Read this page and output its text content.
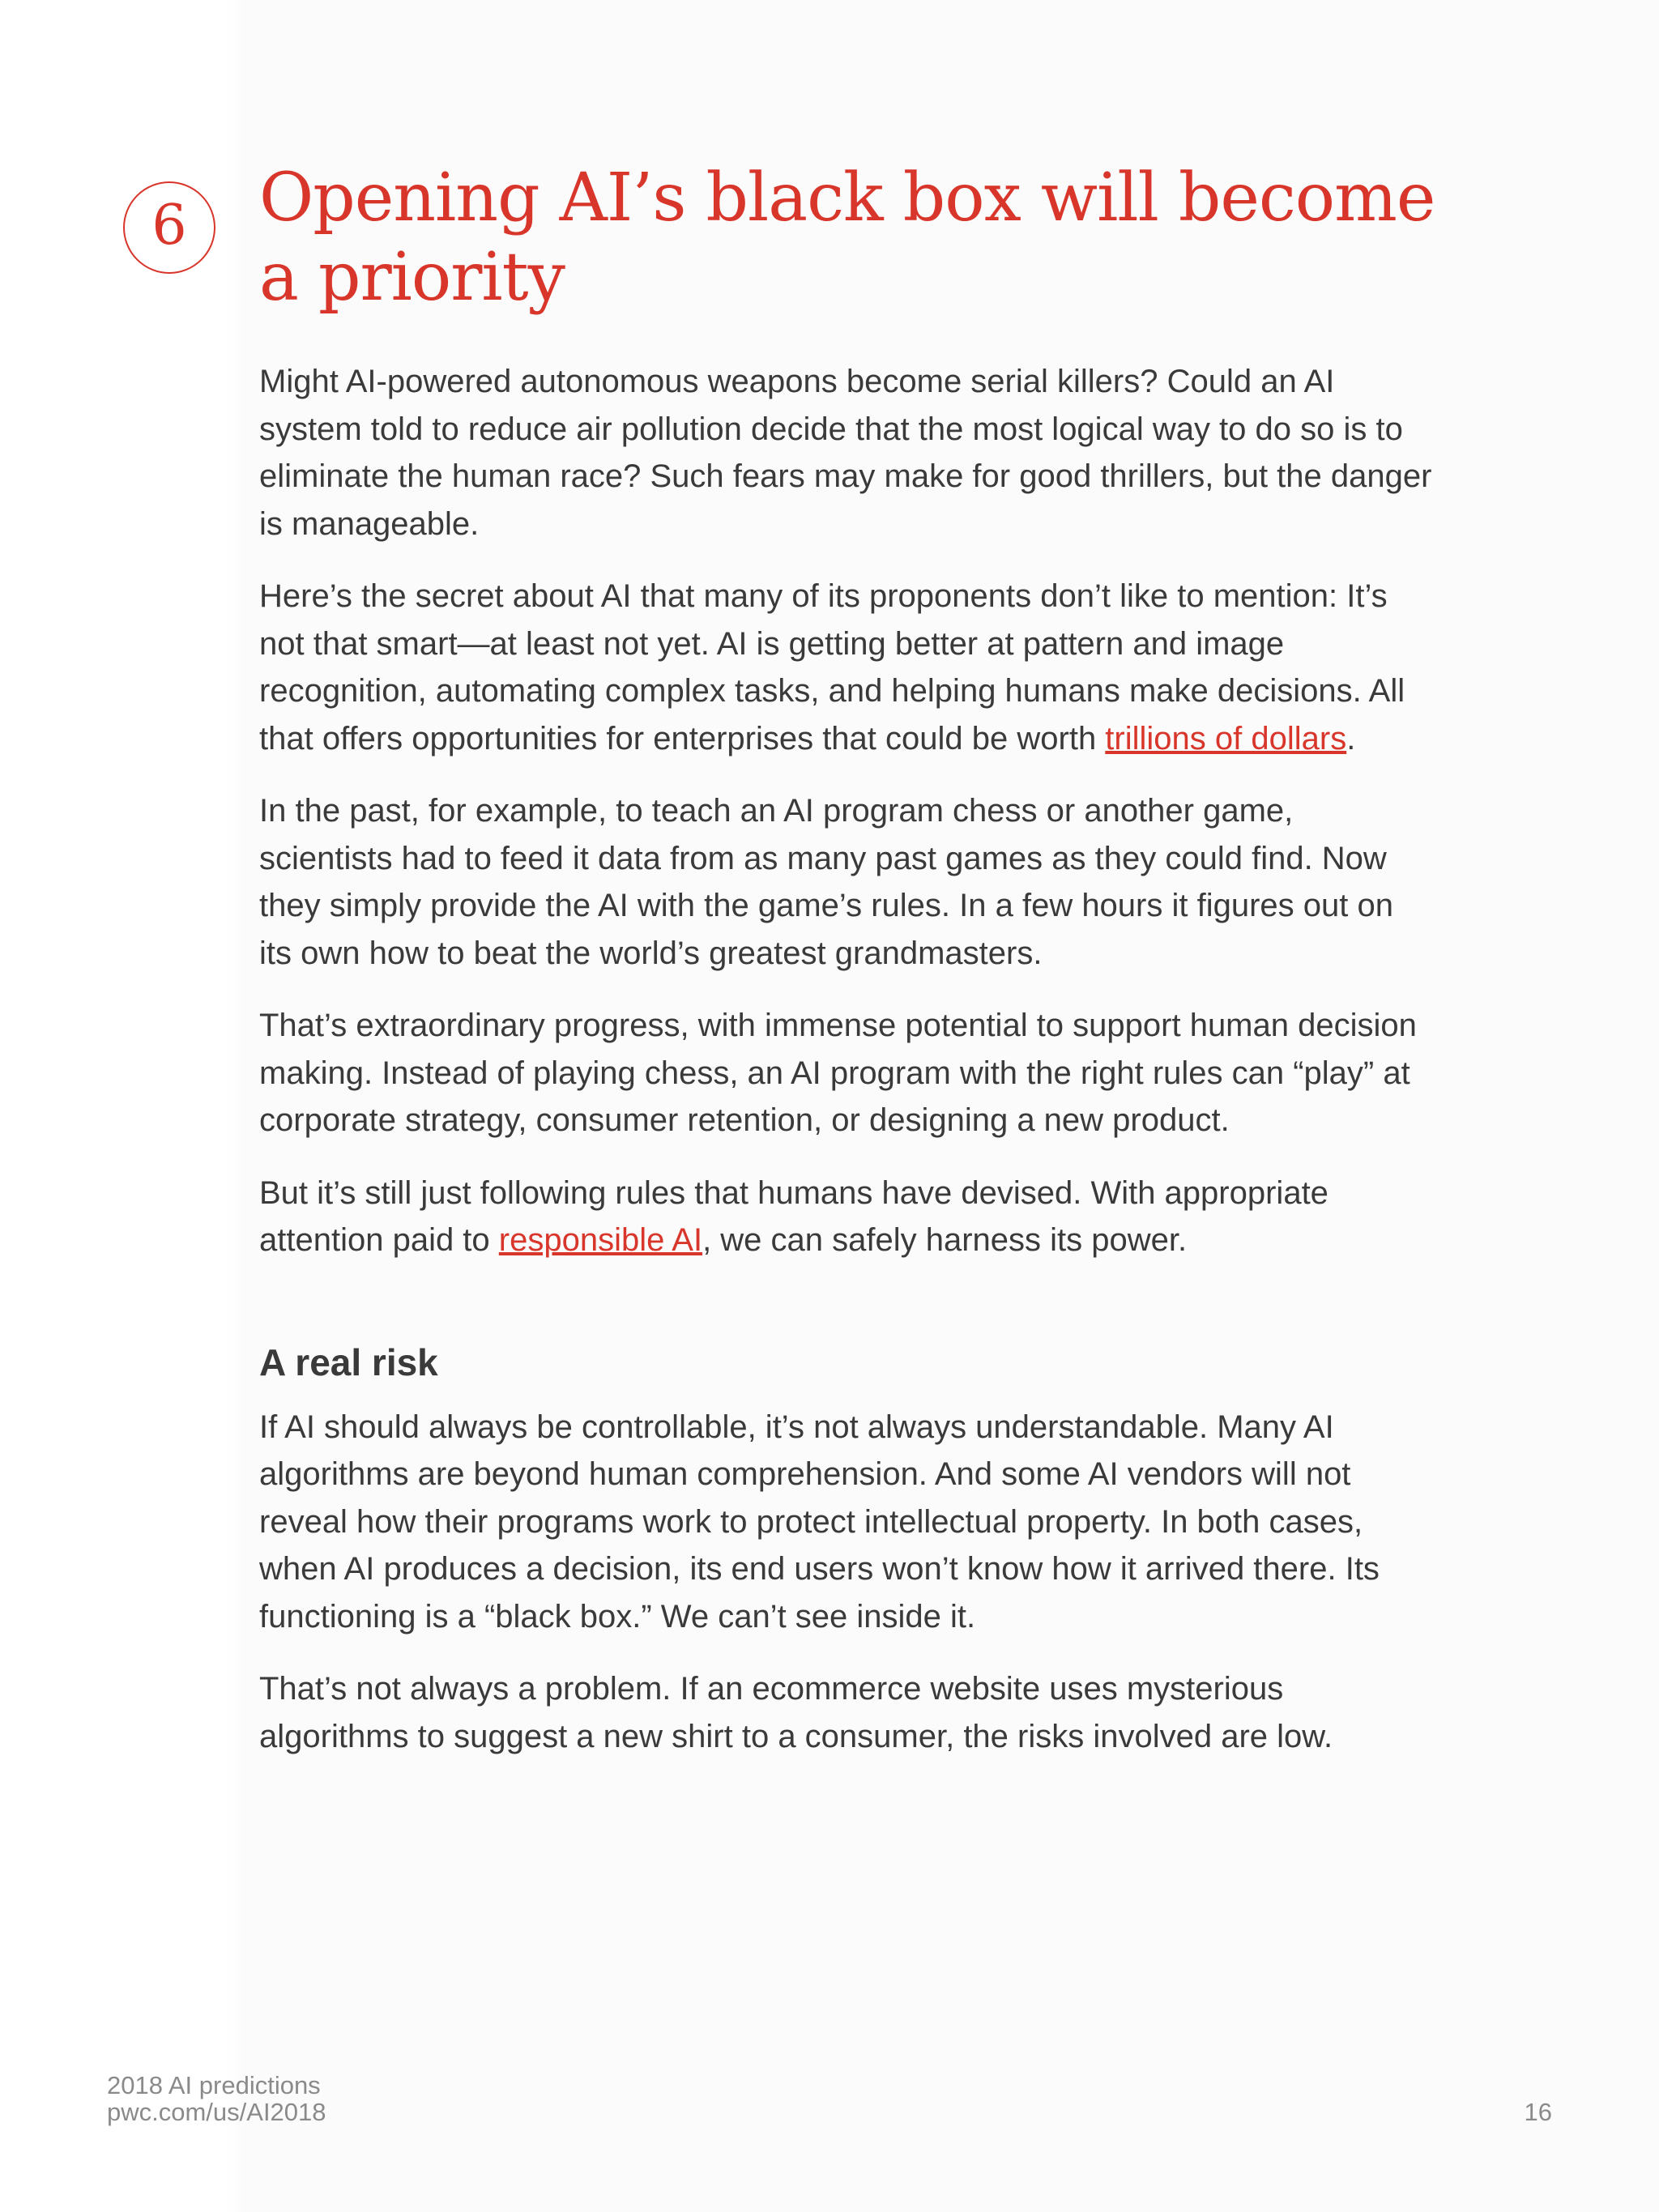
6 Opening AI’s black box will become
a priority

Might AI-powered autonomous weapons become serial killers? Could an AI system told to reduce air pollution decide that the most logical way to do so is to eliminate the human race? Such fears may make for good thrillers, but the danger is manageable.

Here’s the secret about AI that many of its proponents don’t like to mention: It’s not that smart—at least not yet. AI is getting better at pattern and image recognition, automating complex tasks, and helping humans make decisions. All that offers opportunities for enterprises that could be worth trillions of dollars.

In the past, for example, to teach an AI program chess or another game, scientists had to feed it data from as many past games as they could find. Now they simply provide the AI with the game’s rules. In a few hours it figures out on its own how to beat the world’s greatest grandmasters.

That’s extraordinary progress, with immense potential to support human decision making. Instead of playing chess, an AI program with the right rules can “play” at corporate strategy, consumer retention, or designing a new product.

But it’s still just following rules that humans have devised. With appropriate attention paid to responsible AI, we can safely harness its power.

A real risk

If AI should always be controllable, it’s not always understandable. Many AI algorithms are beyond human comprehension. And some AI vendors will not reveal how their programs work to protect intellectual property. In both cases, when AI produces a decision, its end users won’t know how it arrived there. Its functioning is a “black box.” We can’t see inside it.

That’s not always a problem. If an ecommerce website uses mysterious algorithms to suggest a new shirt to a consumer, the risks involved are low.

2018 AI predictions
pwc.com/us/AI2018	16
